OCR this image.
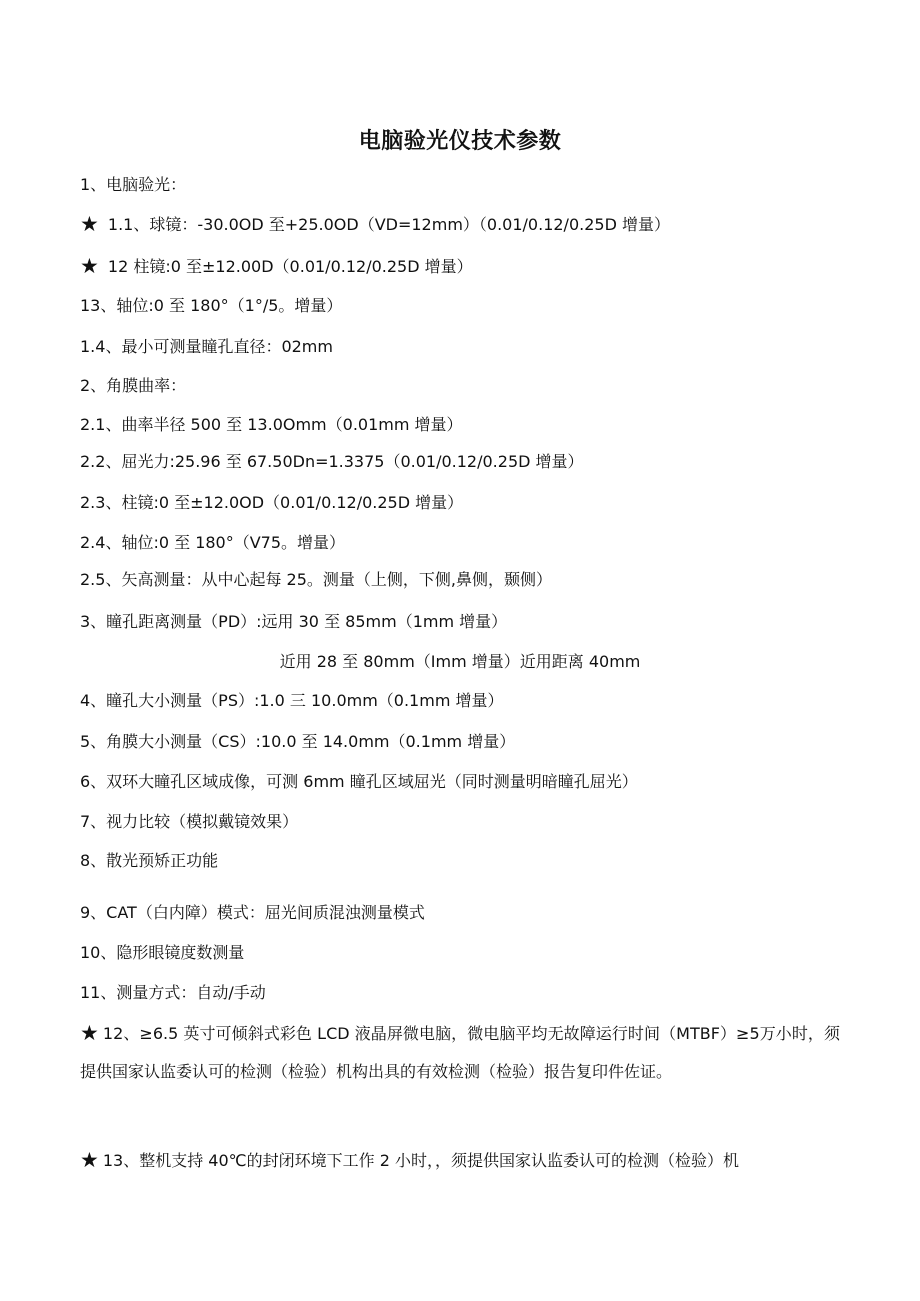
电脑验光仪技术参数
1、电脑验光：
★ 1.1、球镜：-30.0OD 至+25.0OD（VD=12mm）（0.01/0.12/0.25D 增量）
★ 12 柱镜:0 至±12.00D（0.01/0.12/0.25D 增量）
13、轴位:0 至 180°（1°/5。增量）
1.4、最小可测量瞳孔直径：02mm
2、角膜曲率：
2.1、曲率半径 500 至 13.0Omm（0.01mm 增量）
2.2、屈光力:25.96 至 67.50Dn=1.3375（0.01/0.12/0.25D 增量）
2.3、柱镜:0 至±12.0OD（0.01/0.12/0.25D 增量）
2.4、轴位:0 至 180°（V75。增量）
2.5、矢高测量：从中心起每 25。测量（上侧，下侧,鼻侧，颞侧）
3、瞳孔距离测量（PD）:远用 30 至 85mm（1mm 增量）
近用 28 至 80mm（Imm 增量）近用距离 40mm
4、瞳孔大小测量（PS）:1.0 三 10.0mm（0.1mm 增量）
5、角膜大小测量（CS）:10.0 至 14.0mm（0.1mm 增量）
6、双环大瞳孔区域成像，可测 6mm 瞳孔区域屈光（同时测量明暗瞳孔屈光）
7、视力比较（模拟戴镜效果）
8、散光预矫正功能
9、CAT（白内障）模式：屈光间质混浊测量模式
10、隐形眼镜度数测量
11、测量方式：自动/手动
★ 12、≥6.5 英寸可倾斜式彩色 LCD 液晶屏微电脑，微电脑平均无故障运行时间（MTBF）≥5万小时，须提供国家认监委认可的检测（检验）机构出具的有效检测（检验）报告复印件佐证。
★ 13、整机支持 40℃的封闭环境下工作 2 小时，，须提供国家认监委认可的检测（检验）机
